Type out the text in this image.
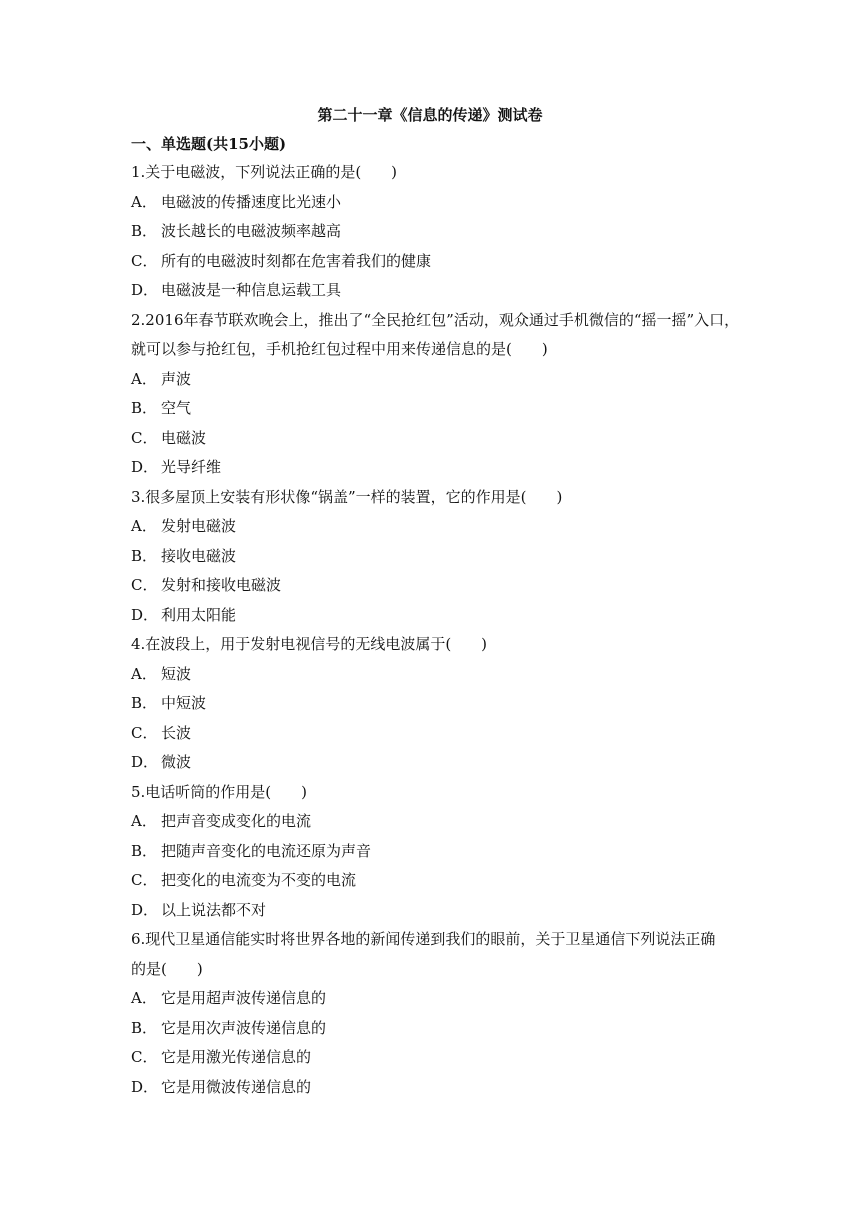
第二十一章《信息的传递》测试卷
一、单选题(共15小题)
1.关于电磁波，下列说法正确的是(　　)
A． 电磁波的传播速度比光速小
B． 波长越长的电磁波频率越高
C． 所有的电磁波时刻都在危害着我们的健康
D． 电磁波是一种信息运载工具
2.2016年春节联欢晚会上，推出了“全民抢红包”活动，观众通过手机微信的“摇一摇”入口，
就可以参与抢红包，手机抢红包过程中用来传递信息的是(　　)
A． 声波
B． 空气
C． 电磁波
D． 光导纤维
3.很多屋顶上安装有形状像“锅盖”一样的装置，它的作用是(　　)
A． 发射电磁波
B． 接收电磁波
C． 发射和接收电磁波
D． 利用太阳能
4.在波段上，用于发射电视信号的无线电波属于(　　)
A． 短波
B． 中短波
C． 长波
D． 微波
5.电话听筒的作用是(　　)
A． 把声音变成变化的电流
B． 把随声音变化的电流还原为声音
C． 把变化的电流变为不变的电流
D． 以上说法都不对
6.现代卫星通信能实时将世界各地的新闻传递到我们的眼前，关于卫星通信下列说法正确
的是(　　)
A． 它是用超声波传递信息的
B． 它是用次声波传递信息的
C． 它是用激光传递信息的
D． 它是用微波传递信息的
